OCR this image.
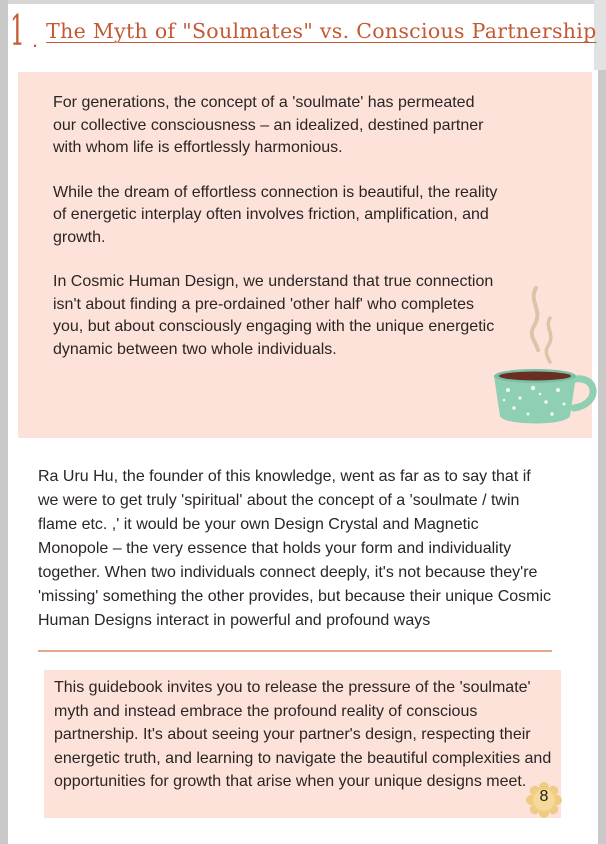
1 . The Myth of "Soulmates" vs. Conscious Partnership

For generations, the concept of a 'soulmate' has permeated our collective consciousness – an idealized, destined partner with whom life is effortlessly harmonious.

While the dream of effortless connection is beautiful, the reality of energetic interplay often involves friction, amplification, and growth.

In Cosmic Human Design, we understand that true connection isn't about finding a pre-ordained 'other half' who completes you, but about consciously engaging with the unique energetic dynamic between two whole individuals.

Ra Uru Hu, the founder of this knowledge, went as far as to say that if we were to get truly 'spiritual' about the concept of a 'soulmate / twin flame etc. ,' it would be your own Design Crystal and Magnetic Monopole – the very essence that holds your form and individuality together. When two individuals connect deeply, it's not because they're 'missing' something the other provides, but because their unique Cosmic Human Designs interact in powerful and profound ways

This guidebook invites you to release the pressure of the 'soulmate' myth and instead embrace the profound reality of conscious partnership. It's about seeing your partner's design, respecting their energetic truth, and learning to navigate the beautiful complexities and opportunities for growth that arise when your unique designs meet.

8
